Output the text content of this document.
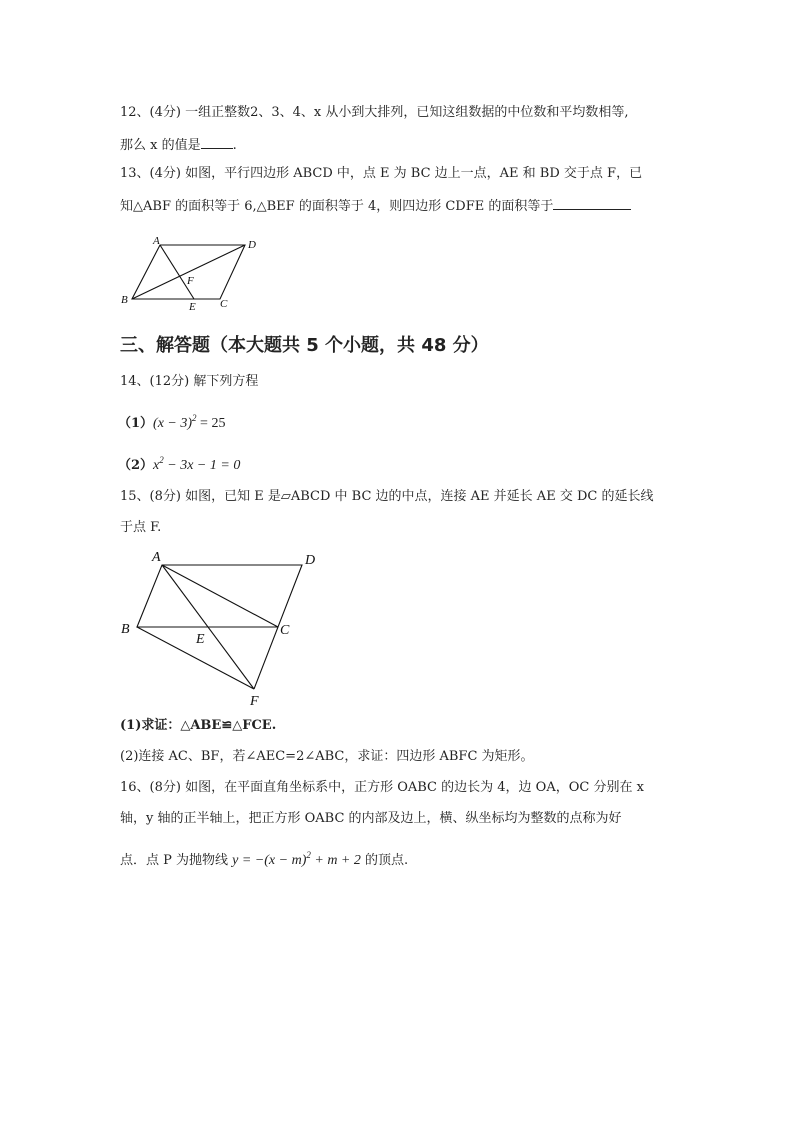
12、(4分) 一组正整数2、3、4、x 从小到大排列，已知这组数据的中位数和平均数相等,
那么 x 的值是 .
13、(4分) 如图，平行四边形 ABCD 中，点 E 为 BC 边上一点，AE 和 BD 交于点 F，已
知△ABF 的面积等于 6,△BEF 的面积等于 4，则四边形 CDFE 的面积等于
A	D
F
B
E C
三、解答题（本大题共 5 个小题，共 48 分）
14、(12分) 解下列方程
$(1)(x - 3)^2 = 25$
$(2)x^2 - 3x - 1 = 0$
15、(8分) 如图，已知 E 是▱ABCD 中 BC 边的中点，连接 AE 并延长 AE 交 DC 的延长线
于点 F.
A	D
B
E
C
F
(1)求证：△ABE≌△FCE.
(2)连接 AC、BF，若∠AEC=2∠ABC，求证：四边形 ABFC 为矩形。
16、(8分) 如图，在平面直角坐标系中，正方形 OABC 的边长为 4，边 OA，OC 分别在 x
轴，y 轴的正半轴上，把正方形 OABC 的内部及边上，横、纵坐标均为整数的点称为好
点．点 P 为抛物线 $y = -(x - m)^2 + m + 2$ 的顶点.
